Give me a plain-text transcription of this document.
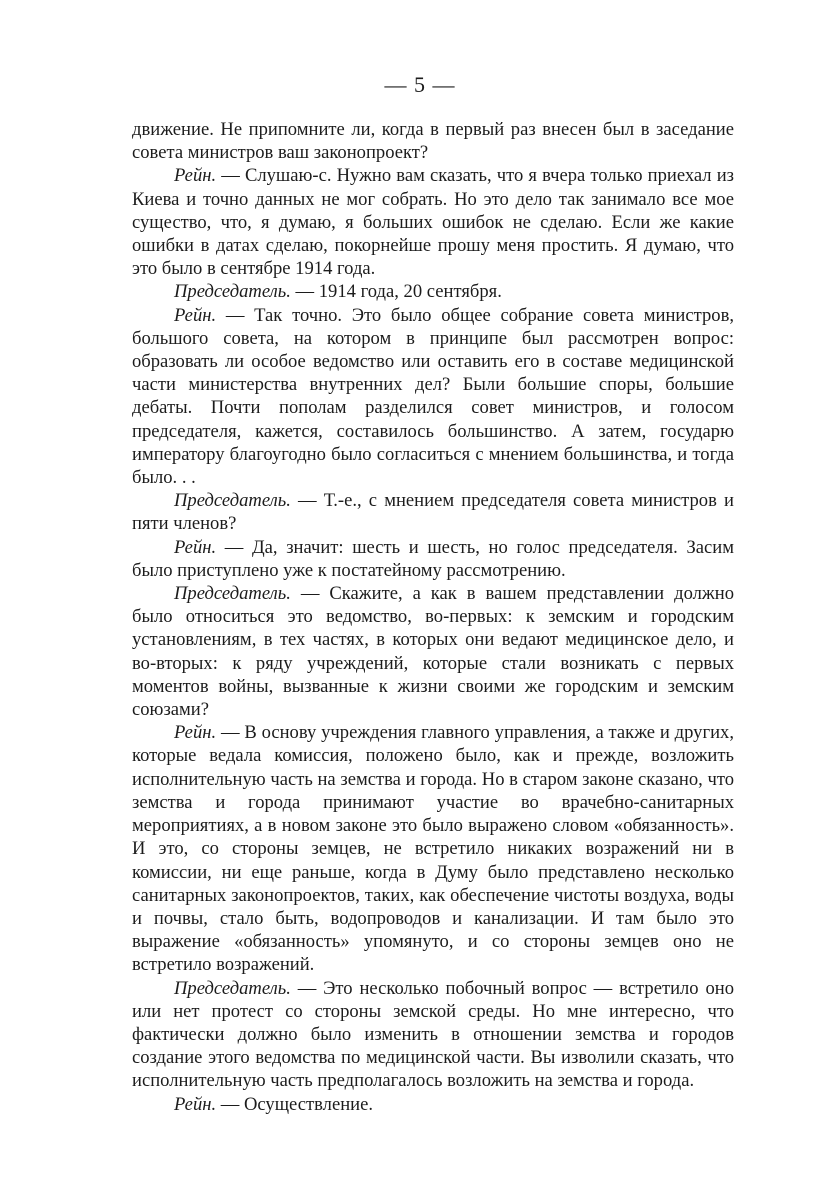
— 5 —

движение. Не припомните ли, когда в первый раз внесен был в заседание совета министров ваш законопроект?

Рейн. — Слушаю-с. Нужно вам сказать, что я вчера только приехал из Киева и точно данных не мог собрать. Но это дело так занимало все мое существо, что, я думаю, я больших ошибок не сделаю. Если же какие ошибки в датах сделаю, покорнейше прошу меня простить. Я думаю, что это было в сентябре 1914 года.

Председатель. — 1914 года, 20 сентября.

Рейн. — Так точно. Это было общее собрание совета министров, большого совета, на котором в принципе был рассмотрен вопрос: образовать ли особое ведомство или оставить его в составе медицинской части министерства внутренних дел? Были большие споры, большие дебаты. Почти пополам разделился совет министров, и голосом председателя, кажется, составилось большинство. А затем, государю императору благоугодно было согласиться с мнением большинства, и тогда было. . .

Председатель. — Т.-е., с мнением председателя совета министров и пяти членов?

Рейн. — Да, значит: шесть и шесть, но голос председателя. Засим было приступлено уже к постатейному рассмотрению.

Председатель. — Скажите, а как в вашем представлении должно было относиться это ведомство, во-первых: к земским и городским установлениям, в тех частях, в которых они ведают медицинское дело, и во-вторых: к ряду учреждений, которые стали возникать с первых моментов войны, вызванные к жизни своими же городским и земским союзами?

Рейн. — В основу учреждения главного управления, а также и других, которые ведала комиссия, положено было, как и прежде, возложить исполнительную часть на земства и города. Но в старом законе сказано, что земства и города принимают участие во врачебно-санитарных мероприятиях, а в новом законе это было выражено словом «обязанность». И это, со стороны земцев, не встретило никаких возражений ни в комиссии, ни еще раньше, когда в Думу было представлено несколько санитарных законопроектов, таких, как обеспечение чистоты воздуха, воды и почвы, стало быть, водопроводов и канализации. И там было это выражение «обязанность» упомянуто, и со стороны земцев оно не встретило возражений.

Председатель. — Это несколько побочный вопрос — встретило оно или нет протест со стороны земской среды. Но мне интересно, что фактически должно было изменить в отношении земства и городов создание этого ведомства по медицинской части. Вы изволили сказать, что исполнительную часть предполагалось возложить на земства и города.

Рейн. — Осуществление.
